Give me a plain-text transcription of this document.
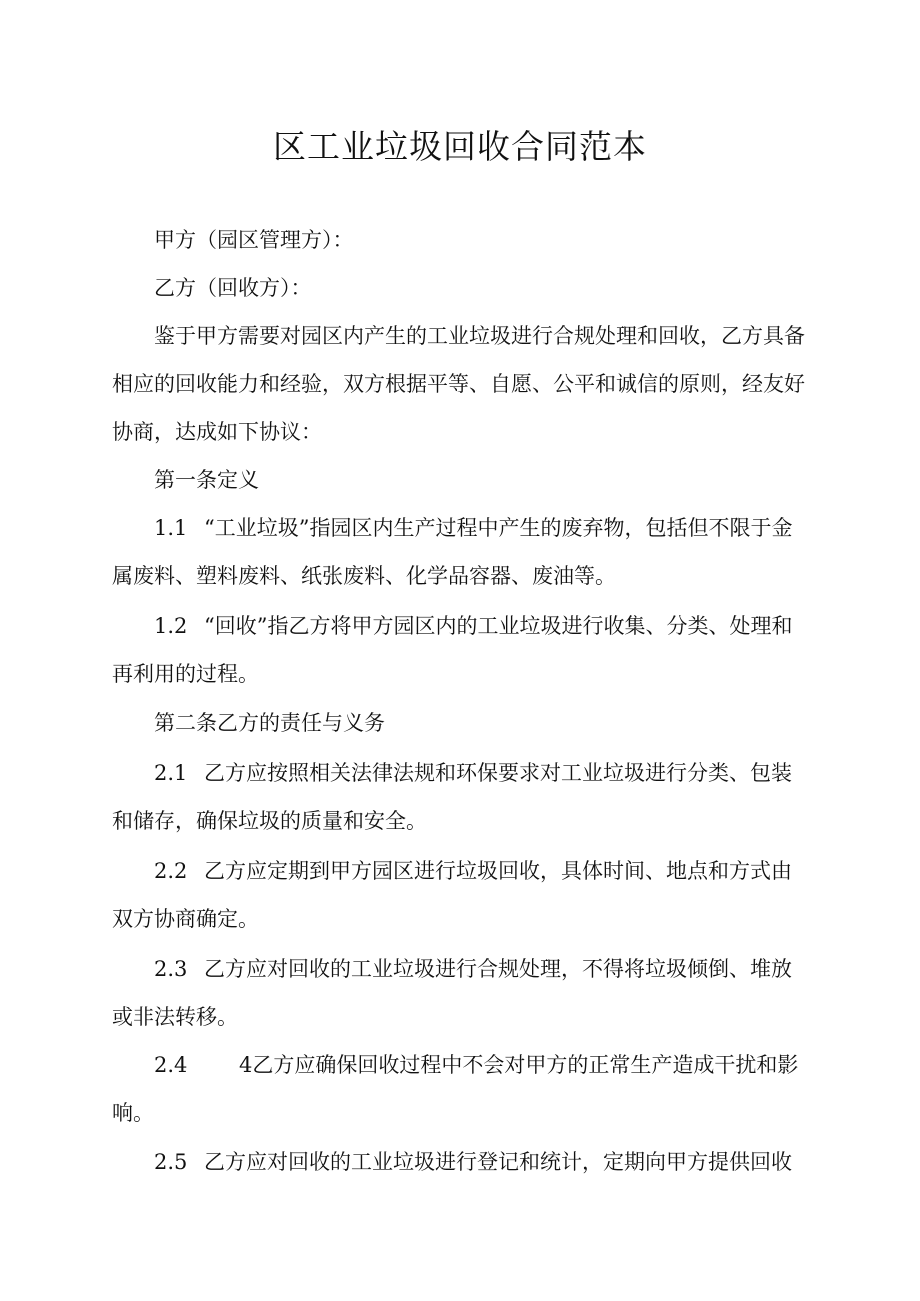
区工业垃圾回收合同范本

甲方（园区管理方）：

乙方（回收方）：

鉴于甲方需要对园区内产生的工业垃圾进行合规处理和回收，乙方具备相应的回收能力和经验，双方根据平等、自愿、公平和诚信的原则，经友好协商，达成如下协议：

第一条定义

1.1 “工业垃圾”指园区内生产过程中产生的废弃物，包括但不限于金属废料、塑料废料、纸张废料、化学品容器、废油等。

1.2 “回收”指乙方将甲方园区内的工业垃圾进行收集、分类、处理和再利用的过程。

第二条乙方的责任与义务

2.1 乙方应按照相关法律法规和环保要求对工业垃圾进行分类、包装和储存，确保垃圾的质量和安全。

2.2 乙方应定期到甲方园区进行垃圾回收，具体时间、地点和方式由双方协商确定。

2.3 乙方应对回收的工业垃圾进行合规处理，不得将垃圾倾倒、堆放或非法转移。

2.4 4乙方应确保回收过程中不会对甲方的正常生产造成干扰和影响。

2.5 乙方应对回收的工业垃圾进行登记和统计，定期向甲方提供回收
